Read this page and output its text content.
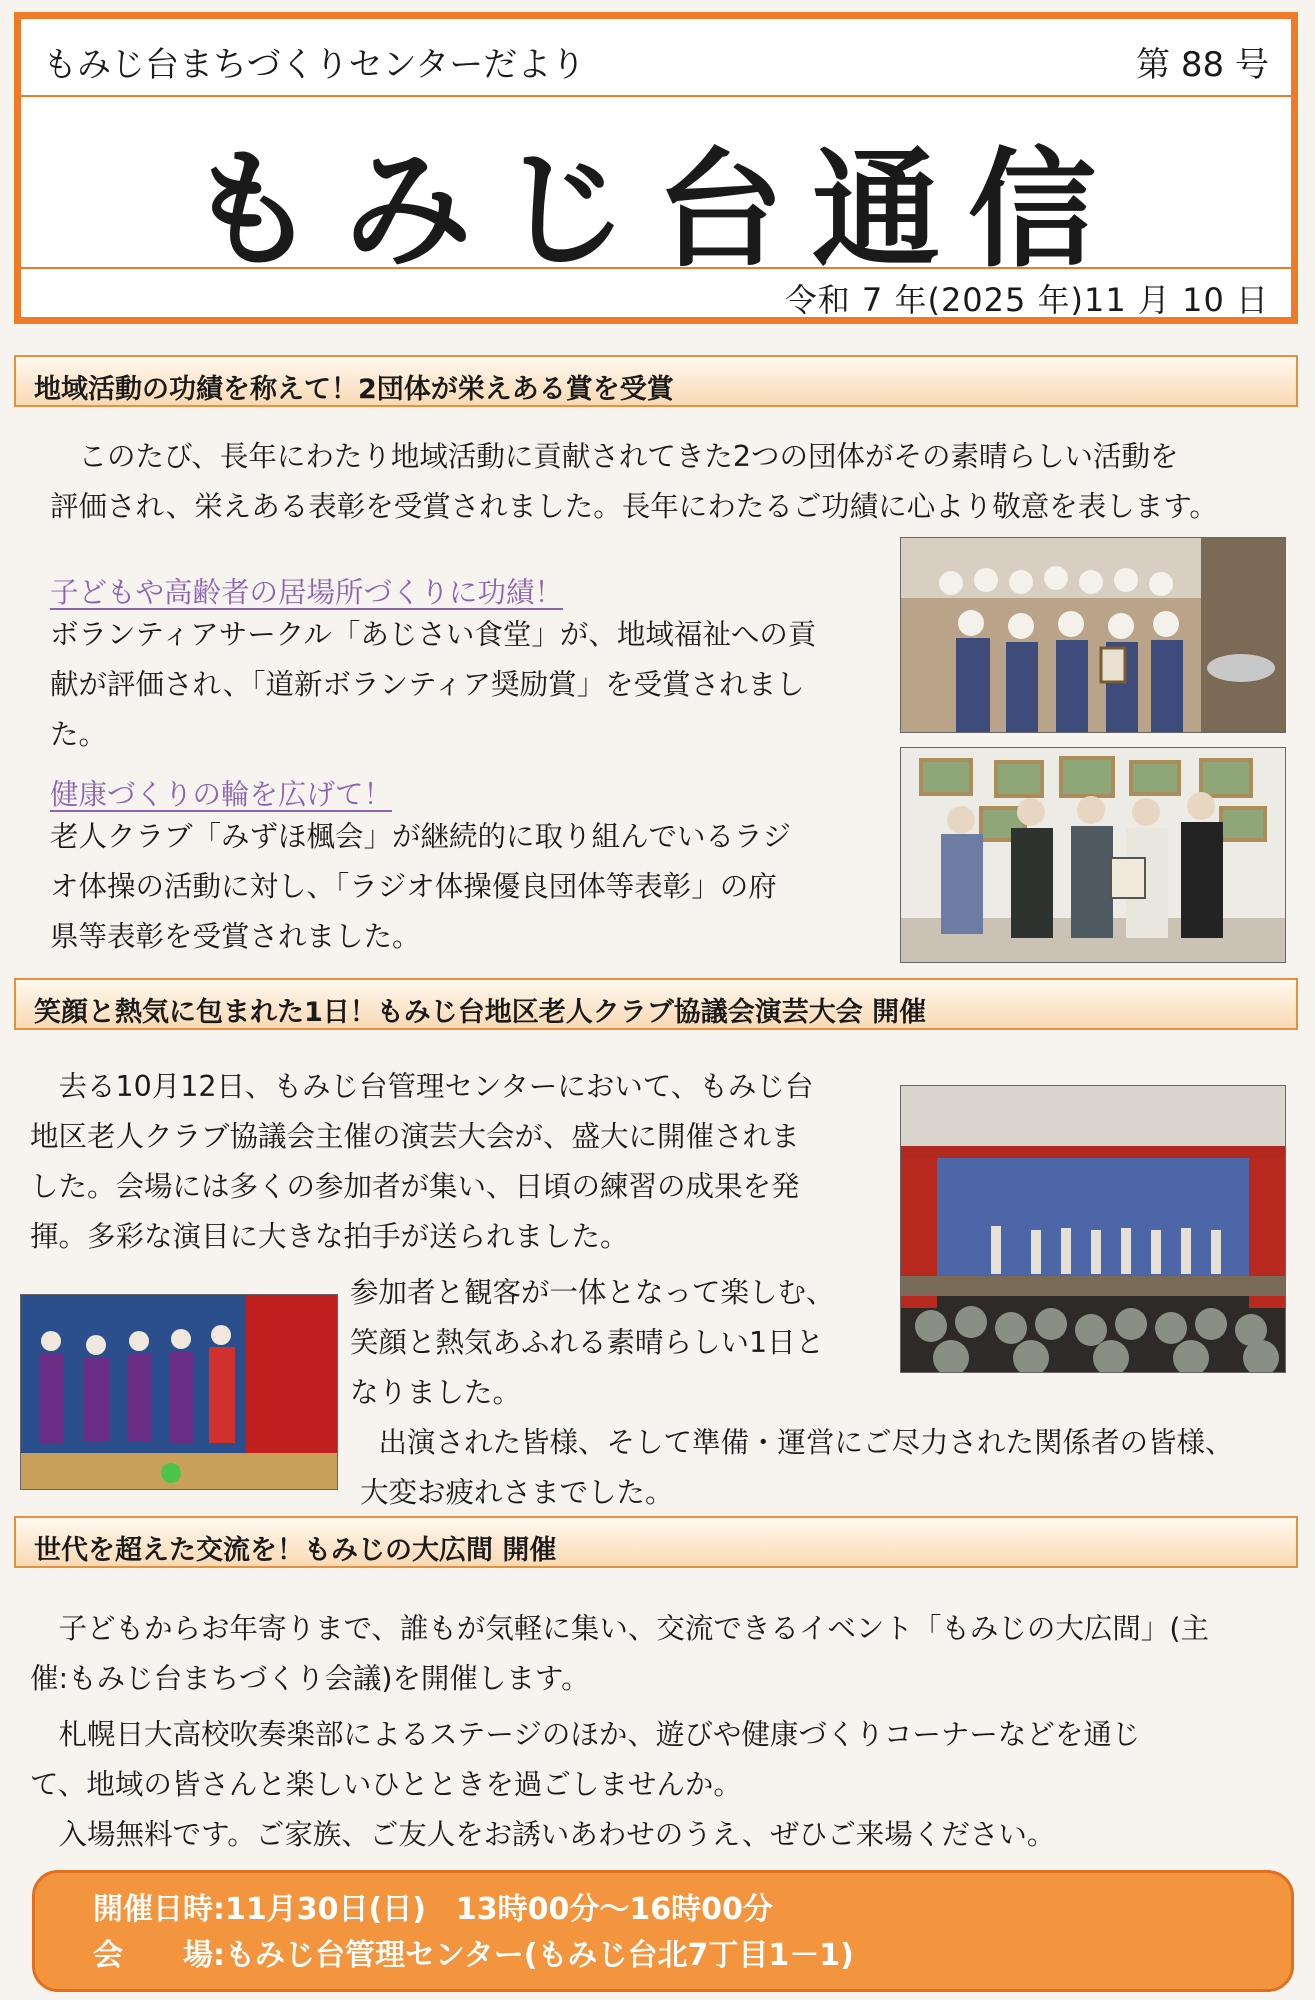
もみじ台まちづくりセンターだより	第 88 号
もみじ台通信
令和 7 年(2025 年)11 月 10 日
地域活動の功績を称えて！2団体が栄えある賞を受賞
　このたび、長年にわたり地域活動に貢献されてきた2つの団体がその素晴らしい活動を
評価され、栄えある表彰を受賞されました。長年にわたるご功績に心より敬意を表します。
子どもや高齢者の居場所づくりに功績！
ボランティアサークル「あじさい食堂」が、地域福祉への貢
献が評価され、「道新ボランティア奨励賞」を受賞されまし
た。
健康づくりの輪を広げて！
老人クラブ「みずほ楓会」が継続的に取り組んでいるラジ
オ体操の活動に対し、「ラジオ体操優良団体等表彰」の府
県等表彰を受賞されました。
笑顔と熱気に包まれた1日！もみじ台地区老人クラブ協議会演芸大会 開催
　去る10月12日、もみじ台管理センターにおいて、もみじ台
地区老人クラブ協議会主催の演芸大会が、盛大に開催されま
した。会場には多くの参加者が集い、日頃の練習の成果を発
揮。多彩な演目に大きな拍手が送られました。
参加者と観客が一体となって楽しむ、
笑顔と熱気あふれる素晴らしい1日と
なりました。
　出演された皆様、そして準備・運営にご尽力された関係者の皆様、
大変お疲れさまでした。
世代を超えた交流を！もみじの大広間 開催
　子どもからお年寄りまで、誰もが気軽に集い、交流できるイベント「もみじの大広間」(主
催:もみじ台まちづくり会議)を開催します。
　札幌日大高校吹奏楽部によるステージのほか、遊びや健康づくりコーナーなどを通じ
て、地域の皆さんと楽しいひとときを過ごしませんか。
　入場無料です。ご家族、ご友人をお誘いあわせのうえ、ぜひご来場ください。
開催日時:11月30日(日)　13時00分～16時00分
会　　場:もみじ台管理センター(もみじ台北7丁目1－1)
